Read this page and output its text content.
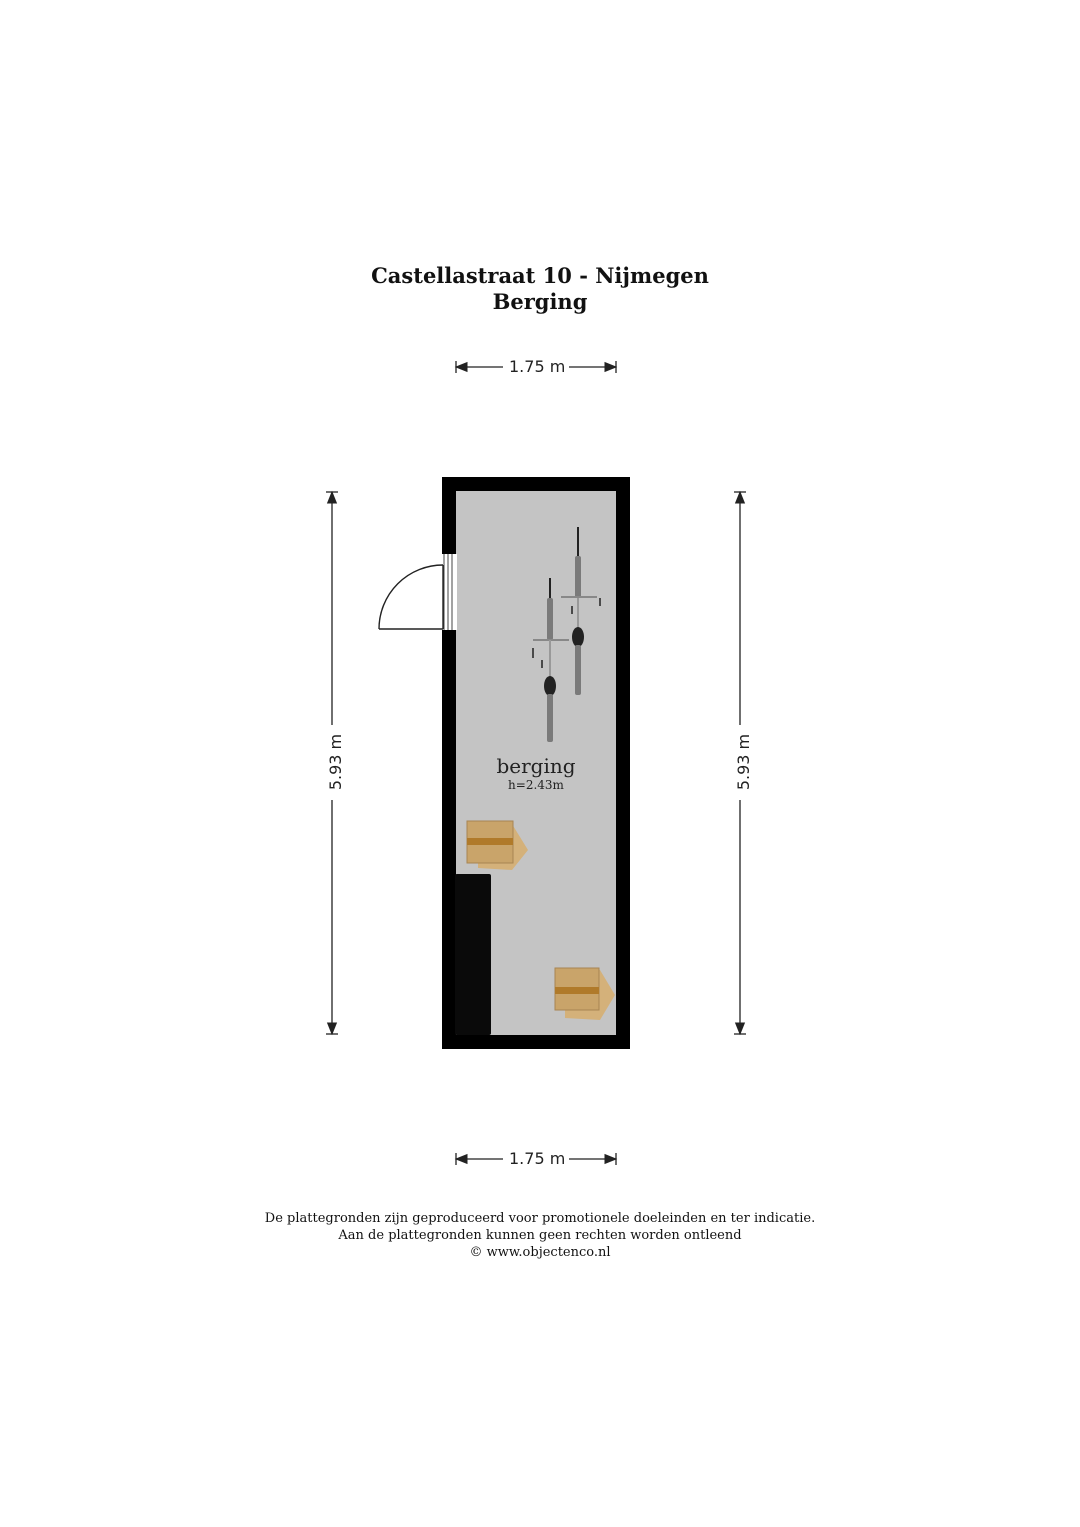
Castellastraat 10 - Nijmegen
Berging
1.75 m
1.75 m
5.93 m	5.93 m
berging
h=2.43m
De plattegronden zijn geproduceerd voor promotionele doeleinden en ter indicatie.
Aan de plattegronden kunnen geen rechten worden ontleend
© www.objectenco.nl
